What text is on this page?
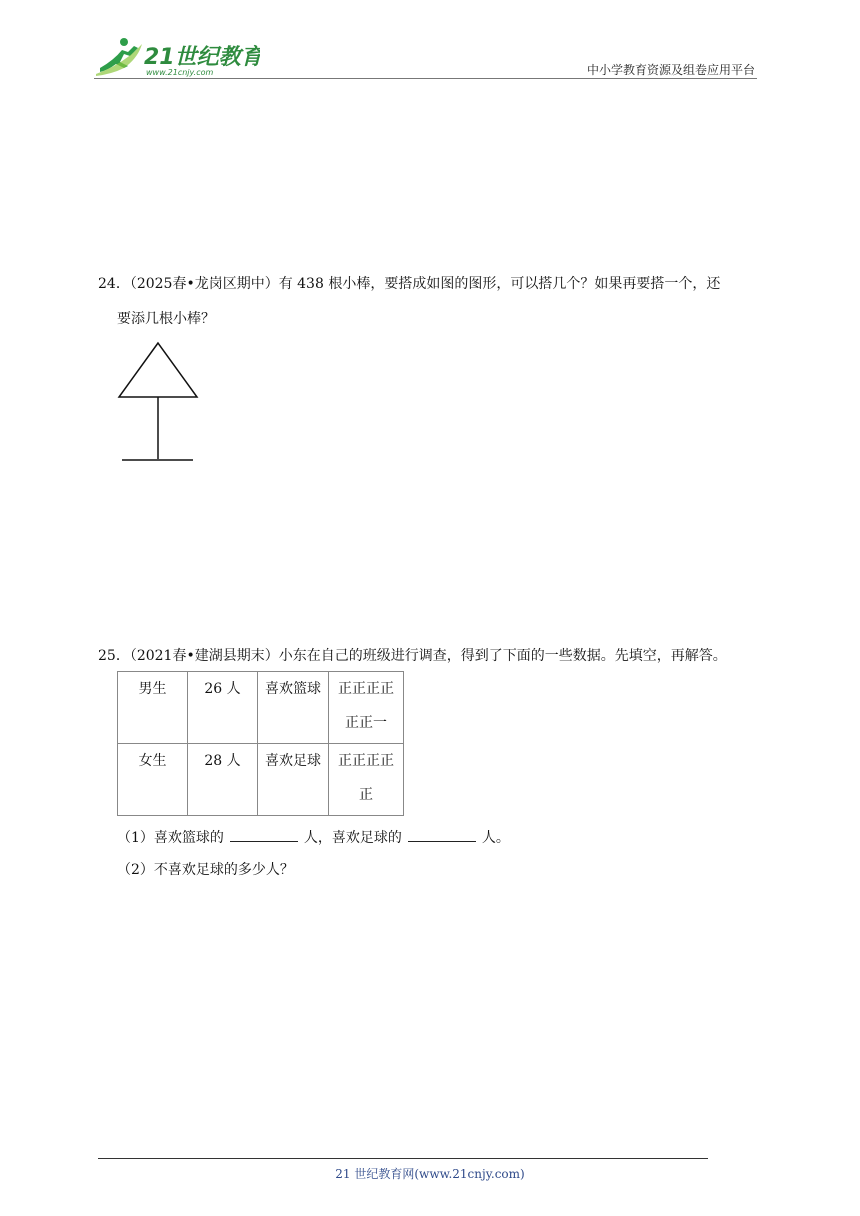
21世纪教育
www.21cnjy.com	中小学教育资源及组卷应用平台
24．（2025春•龙岗区期中）有 438 根小棒，要搭成如图的图形，可以搭几个？如果再要搭一个，还
要添几根小棒？
25．（2021春•建湖县期末）小东在自己的班级进行调查，得到了下面的一些数据。先填空，再解答。
男生	26 人	喜欢篮球	正正正正
正正一

女生	28 人	喜欢足球	正正正正
正
（1）喜欢篮球的	人，喜欢足球的	人。
（2）不喜欢足球的多少人？
21 世纪教育网(www.21cnjy.com)
